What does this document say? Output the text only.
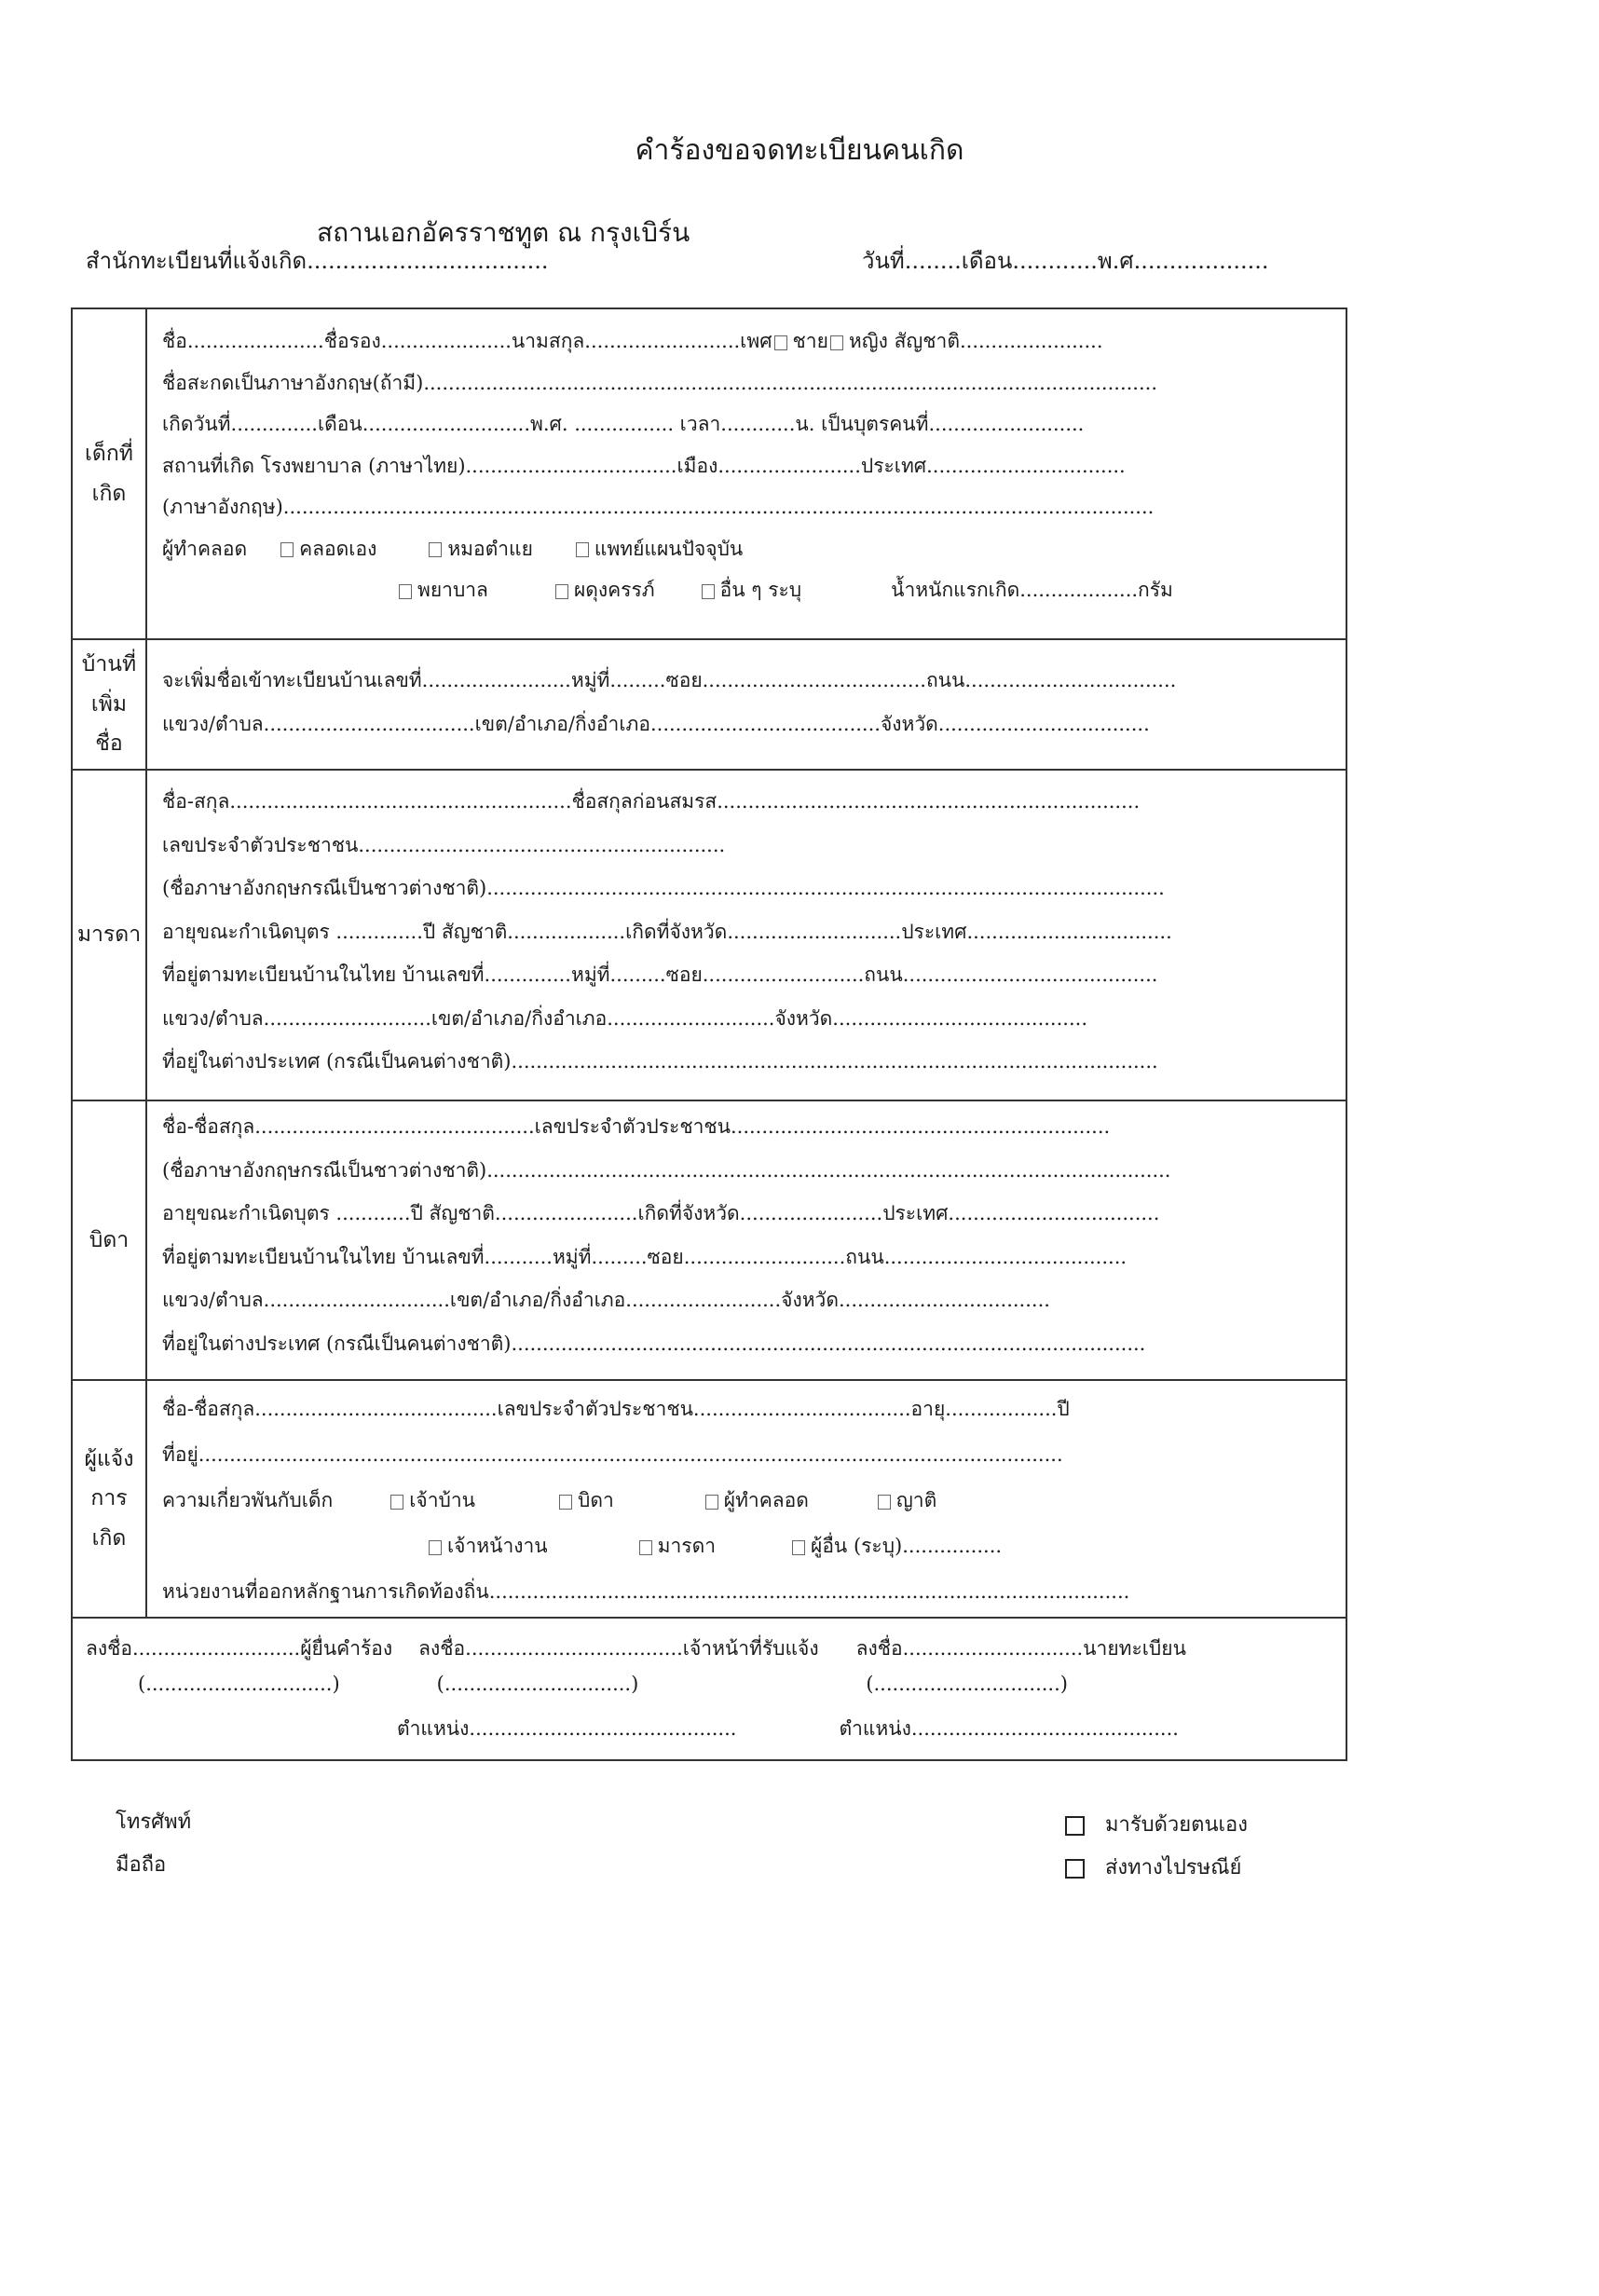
คำร้องขอจดทะเบียนคนเกิด
สถานเอกอัครราชทูต ณ กรุงเบิร์น
สำนักทะเบียนที่แจ้งเกิด..................................	วันที่........เดือน............พ.ศ...................
เด็กที่
เกิด
ชื่อ......................ชื่อรอง.....................นามสกุล.........................เพศ ชาย หญิง สัญชาติ.......................
ชื่อสะกดเป็นภาษาอังกฤษ(ถ้ามี)......................................................................................................................
เกิดวันที่..............เดือน...........................พ.ศ. ................ เวลา............น. เป็นบุตรคนที่.........................
สถานที่เกิด โรงพยาบาล (ภาษาไทย)..................................เมือง.......................ประเทศ................................
(ภาษาอังกฤษ)............................................................................................................................................
ผู้ทำคลอด	คลอดเอง	หมอตำแย	แพทย์แผนปัจจุบัน
พยาบาล	ผดุงครรภ์	อื่น ๆ ระบุ	น้ำหนักแรกเกิด...................กรัม
บ้านที่
เพิ่ม
ชื่อ
จะเพิ่มชื่อเข้าทะเบียนบ้านเลขที่........................หมู่ที่.........ซอย....................................ถนน..................................
แขวง/ตำบล..................................เขต/อำเภอ/กิ่งอำเภอ.....................................จังหวัด..................................
มารดา
ชื่อ-สกุล.......................................................ชื่อสกุลก่อนสมรส....................................................................
เลขประจำตัวประชาชน...........................................................
(ชื่อภาษาอังกฤษกรณีเป็นชาวต่างชาติ).............................................................................................................
อายุขณะกำเนิดบุตร ..............ปี สัญชาติ...................เกิดที่จังหวัด............................ประเทศ.................................
ที่อยู่ตามทะเบียนบ้านในไทย บ้านเลขที่..............หมู่ที่.........ซอย..........................ถนน.........................................
แขวง/ตำบล...........................เขต/อำเภอ/กิ่งอำเภอ...........................จังหวัด.........................................
ที่อยู่ในต่างประเทศ (กรณีเป็นคนต่างชาติ)........................................................................................................
บิดา
ชื่อ-ชื่อสกุล.............................................เลขประจำตัวประชาชน.............................................................
(ชื่อภาษาอังกฤษกรณีเป็นชาวต่างชาติ)..............................................................................................................
อายุขณะกำเนิดบุตร ............ปี สัญชาติ.......................เกิดที่จังหวัด.......................ประเทศ..................................
ที่อยู่ตามทะเบียนบ้านในไทย บ้านเลขที่...........หมู่ที่.........ซอย..........................ถนน.......................................
แขวง/ตำบล..............................เขต/อำเภอ/กิ่งอำเภอ.........................จังหวัด..................................
ที่อยู่ในต่างประเทศ (กรณีเป็นคนต่างชาติ)......................................................................................................
ผู้แจ้ง
การ
เกิด
ชื่อ-ชื่อสกุล.......................................เลขประจำตัวประชาชน...................................อายุ..................ปี
ที่อยู่...........................................................................................................................................
ความเกี่ยวพันกับเด็ก	เจ้าบ้าน	บิดา	ผู้ทำคลอด	ญาติ
เจ้าหน้างาน	มารดา	ผู้อื่น (ระบุ)................
หน่วยงานที่ออกหลักฐานการเกิดท้องถิ่น.......................................................................................................
ลงชื่อ...........................ผู้ยื่นคำร้อง ลงชื่อ...................................เจ้าหน้าที่รับแจ้ง ลงชื่อ.............................นายทะเบียน
(..............................)	(..............................)	(..............................)
ตำแหน่ง...........................................	ตำแหน่ง...........................................
โทรศัพท์
มือถือ
มารับด้วยตนเอง
ส่งทางไปรษณีย์
